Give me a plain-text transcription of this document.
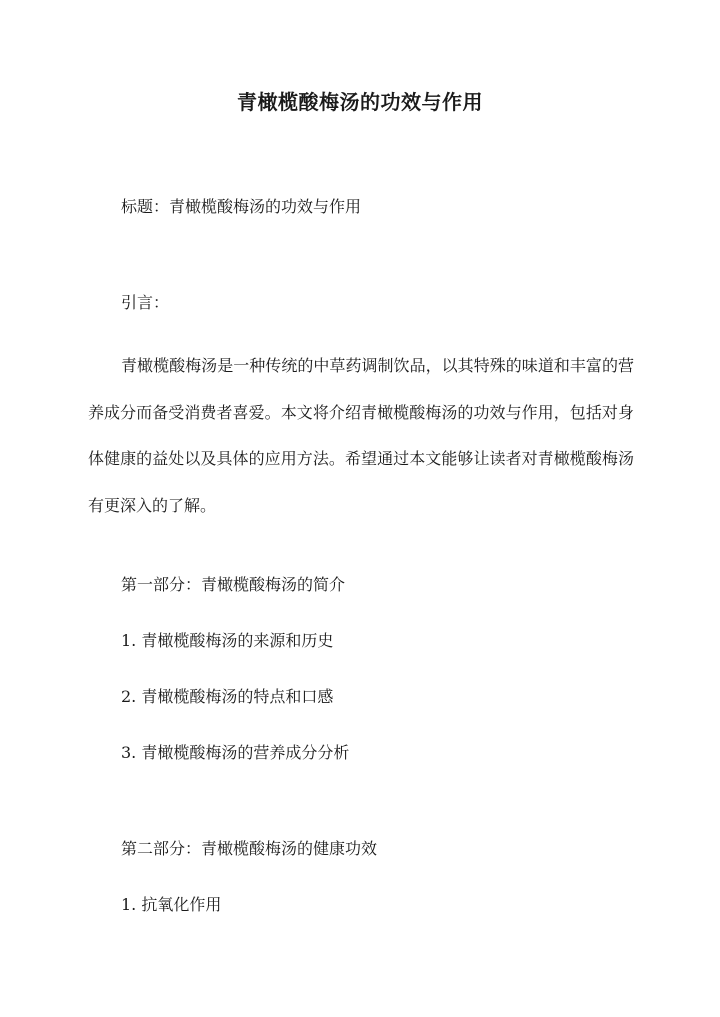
青橄榄酸梅汤的功效与作用
标题：青橄榄酸梅汤的功效与作用
引言：

青橄榄酸梅汤是一种传统的中草药调制饮品，以其特殊的味道和丰富的营养成分而备受消费者喜爱。本文将介绍青橄榄酸梅汤的功效与作用，包括对身体健康的益处以及具体的应用方法。希望通过本文能够让读者对青橄榄酸梅汤有更深入的了解。

第一部分：青橄榄酸梅汤的简介
1. 青橄榄酸梅汤的来源和历史
2. 青橄榄酸梅汤的特点和口感
3. 青橄榄酸梅汤的营养成分分析
第二部分：青橄榄酸梅汤的健康功效
1. 抗氧化作用
